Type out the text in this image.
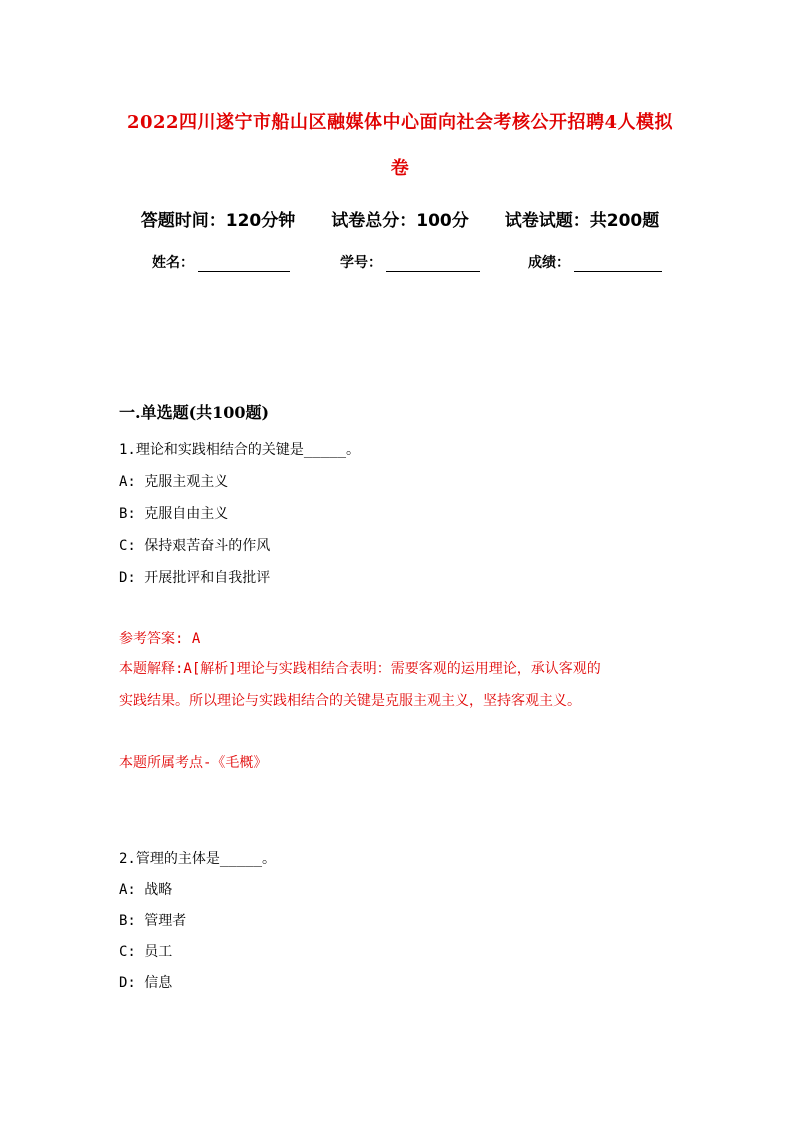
2022四川遂宁市船山区融媒体中心面向社会考核公开招聘4人模拟
卷
答题时间：120分钟 试卷总分：100分 试卷试题：共200题
姓名：	学号：	成绩：
一.单选题(共100题)
1.理论和实践相结合的关键是_____。
A: 克服主观主义
B: 克服自由主义
C: 保持艰苦奋斗的作风
D: 开展批评和自我批评
参考答案: A
本题解释:A[解析]理论与实践相结合表明：需要客观的运用理论，承认客观的
实践结果。所以理论与实践相结合的关键是克服主观主义，坚持客观主义。
本题所属考点-《毛概》
2.管理的主体是_____。
A: 战略
B: 管理者
C: 员工
D: 信息
